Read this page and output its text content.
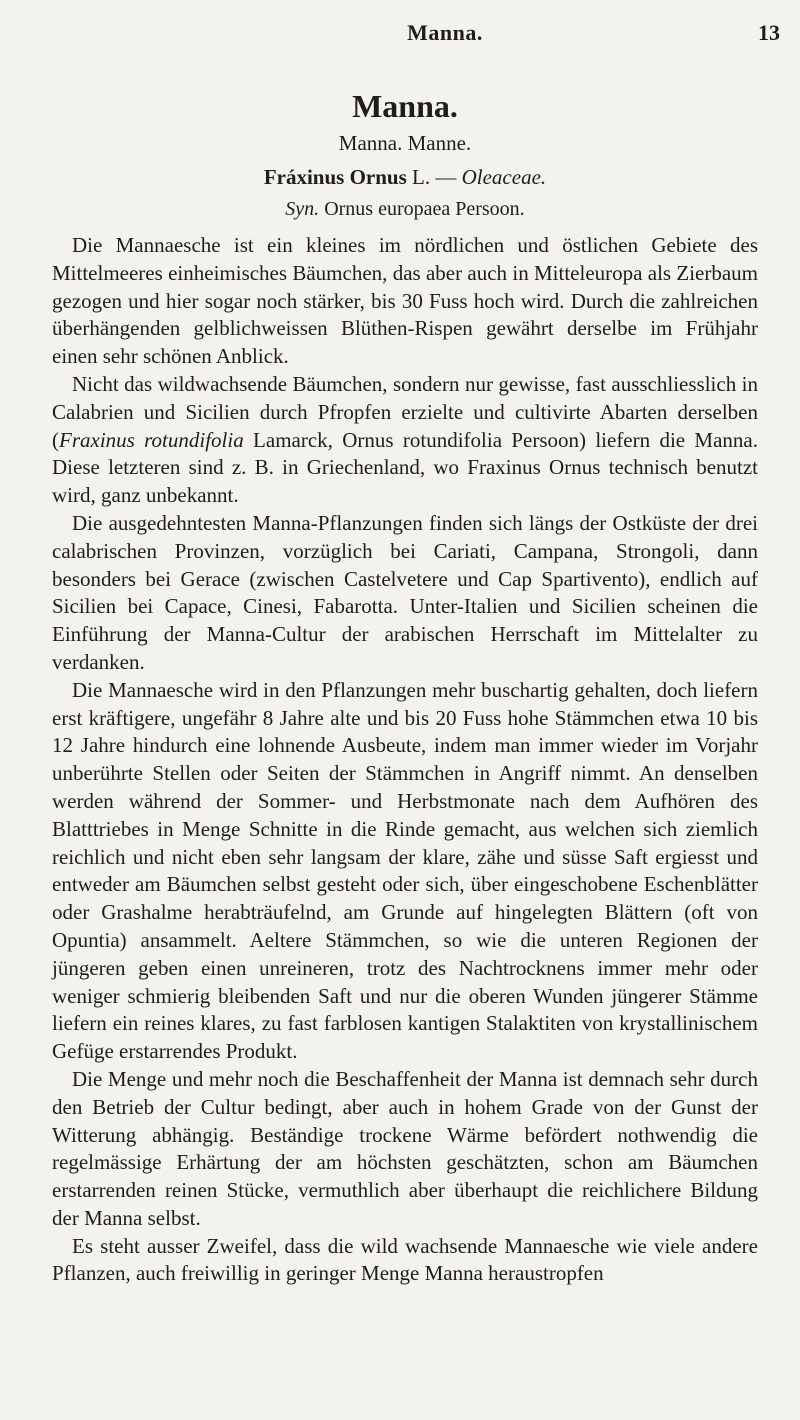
Manna.	13
Manna.

Manna. Manne.

Fráxinus Ornus L. — Oleaceae.

Syn. Ornus europaea Persoon.

Die Mannaesche ist ein kleines im nördlichen und östlichen Gebiete des Mittelmeeres einheimisches Bäumchen, das aber auch in Mitteleuropa als Zierbaum gezogen und hier sogar noch stärker, bis 30 Fuss hoch wird. Durch die zahlreichen überhängenden gelblichweissen Blüthen-Rispen gewährt derselbe im Frühjahr einen sehr schönen Anblick.

Nicht das wildwachsende Bäumchen, sondern nur gewisse, fast ausschliesslich in Calabrien und Sicilien durch Pfropfen erzielte und cultivirte Abarten derselben (Fraxinus rotundifolia Lamarck, Ornus rotundifolia Persoon) liefern die Manna. Diese letzteren sind z. B. in Griechenland, wo Fraxinus Ornus technisch benutzt wird, ganz unbekannt.

Die ausgedehntesten Manna-Pflanzungen finden sich längs der Ostküste der drei calabrischen Provinzen, vorzüglich bei Cariati, Campana, Strongoli, dann besonders bei Gerace (zwischen Castelvetere und Cap Spartivento), endlich auf Sicilien bei Capace, Cinesi, Fabarotta. Unter-Italien und Sicilien scheinen die Einführung der Manna-Cultur der arabischen Herrschaft im Mittelalter zu verdanken.

Die Mannaesche wird in den Pflanzungen mehr buschartig gehalten, doch liefern erst kräftigere, ungefähr 8 Jahre alte und bis 20 Fuss hohe Stämmchen etwa 10 bis 12 Jahre hindurch eine lohnende Ausbeute, indem man immer wieder im Vorjahr unberührte Stellen oder Seiten der Stämmchen in Angriff nimmt. An denselben werden während der Sommer- und Herbstmonate nach dem Aufhören des Blatttriebes in Menge Schnitte in die Rinde gemacht, aus welchen sich ziemlich reichlich und nicht eben sehr langsam der klare, zähe und süsse Saft ergiesst und entweder am Bäumchen selbst gesteht oder sich, über eingeschobene Eschenblätter oder Grashalme herabträufelnd, am Grunde auf hingelegten Blättern (oft von Opuntia) ansammelt. Aeltere Stämmchen, so wie die unteren Regionen der jüngeren geben einen unreineren, trotz des Nachtrocknens immer mehr oder weniger schmierig bleibenden Saft und nur die oberen Wunden jüngerer Stämme liefern ein reines klares, zu fast farblosen kantigen Stalaktiten von krystallinischem Gefüge erstarrendes Produkt.

Die Menge und mehr noch die Beschaffenheit der Manna ist demnach sehr durch den Betrieb der Cultur bedingt, aber auch in hohem Grade von der Gunst der Witterung abhängig. Beständige trockene Wärme befördert nothwendig die regelmässige Erhärtung der am höchsten geschätzten, schon am Bäumchen erstarrenden reinen Stücke, vermuthlich aber überhaupt die reichlichere Bildung der Manna selbst.

Es steht ausser Zweifel, dass die wild wachsende Mannaesche wie viele andere Pflanzen, auch freiwillig in geringer Menge Manna heraustropfen
